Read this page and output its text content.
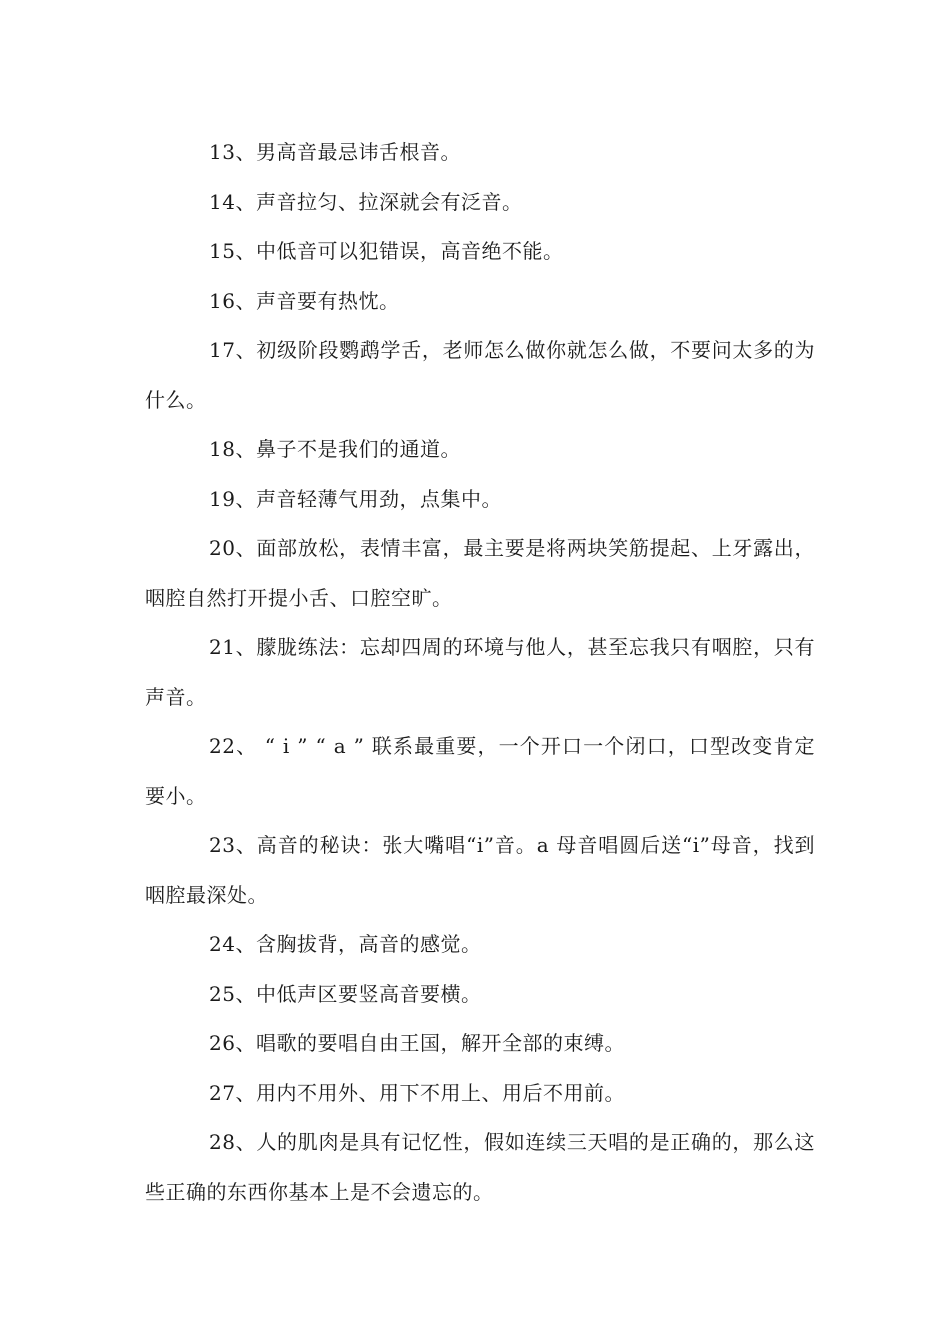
13、男高音最忌讳舌根音。

14、声音拉匀、拉深就会有泛音。

15、中低音可以犯错误，高音绝不能。

16、声音要有热忱。

17、初级阶段鹦鹉学舌，老师怎么做你就怎么做，不要问太多的为什么。

18、鼻子不是我们的通道。

19、声音轻薄气用劲，点集中。

20、面部放松，表情丰富，最主要是将两块笑筋提起、上牙露出，咽腔自然打开提小舌、口腔空旷。

21、朦胧练法：忘却四周的环境与他人，甚至忘我只有咽腔，只有声音。

22、 “ i ” “ a ” 联系最重要，一个开口一个闭口，口型改变肯定要小。

23、高音的秘诀：张大嘴唱“i”音。a 母音唱圆后送“i”母音，找到咽腔最深处。

24、含胸拔背，高音的感觉。

25、中低声区要竖高音要横。

26、唱歌的要唱自由王国，解开全部的束缚。

27、用内不用外、用下不用上、用后不用前。

28、人的肌肉是具有记忆性，假如连续三天唱的是正确的，那么这些正确的东西你基本上是不会遗忘的。
